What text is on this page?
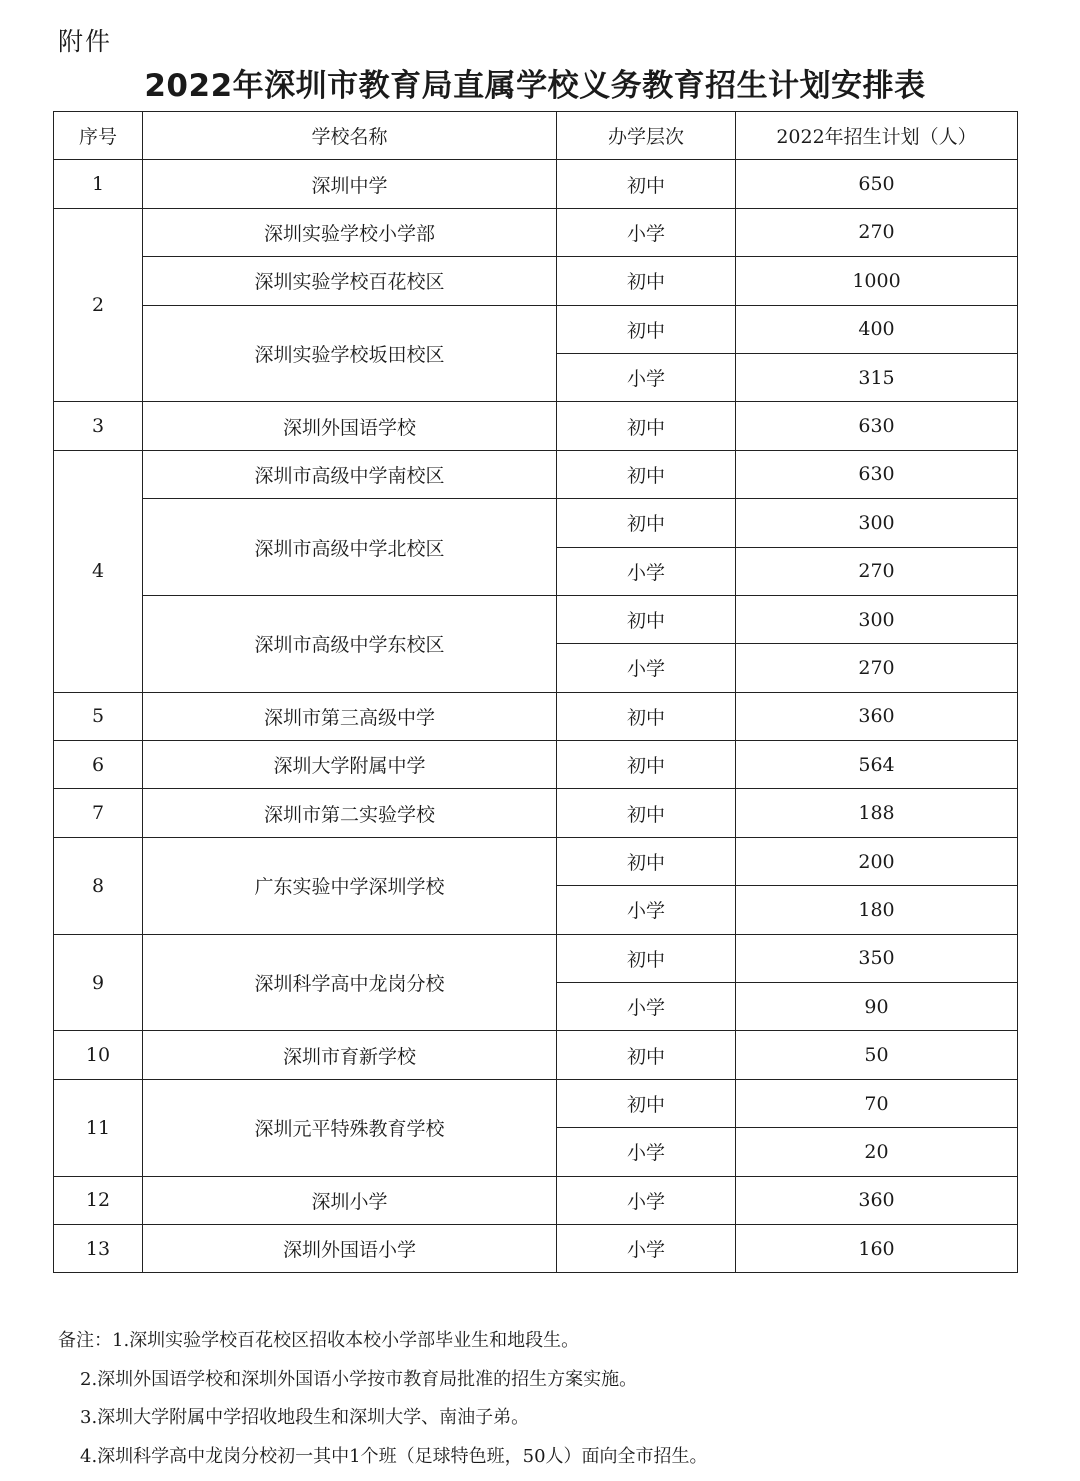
附件
2022年深圳市教育局直属学校义务教育招生计划安排表
序号	学校名称	办学层次	2022年招生计划（人）
1	深圳中学	初中	650
2	深圳实验学校小学部	小学	270
	深圳实验学校百花校区	初中	1000
	深圳实验学校坂田校区	初中	400
		小学	315
3	深圳外国语学校	初中	630
4	深圳市高级中学南校区	初中	630
	深圳市高级中学北校区	初中	300
		小学	270
	深圳市高级中学东校区	初中	300
		小学	270
5	深圳市第三高级中学	初中	360
6	深圳大学附属中学	初中	564
7	深圳市第二实验学校	初中	188
8	广东实验中学深圳学校	初中	200
		小学	180
9	深圳科学高中龙岗分校	初中	350
		小学	90
10	深圳市育新学校	初中	50
11	深圳元平特殊教育学校	初中	70
		小学	20
12	深圳小学	小学	360
13	深圳外国语小学	小学	160
备注：1.深圳实验学校百花校区招收本校小学部毕业生和地段生。
2.深圳外国语学校和深圳外国语小学按市教育局批准的招生方案实施。
3.深圳大学附属中学招收地段生和深圳大学、南油子弟。
4.深圳科学高中龙岗分校初一其中1个班（足球特色班，50人）面向全市招生。
